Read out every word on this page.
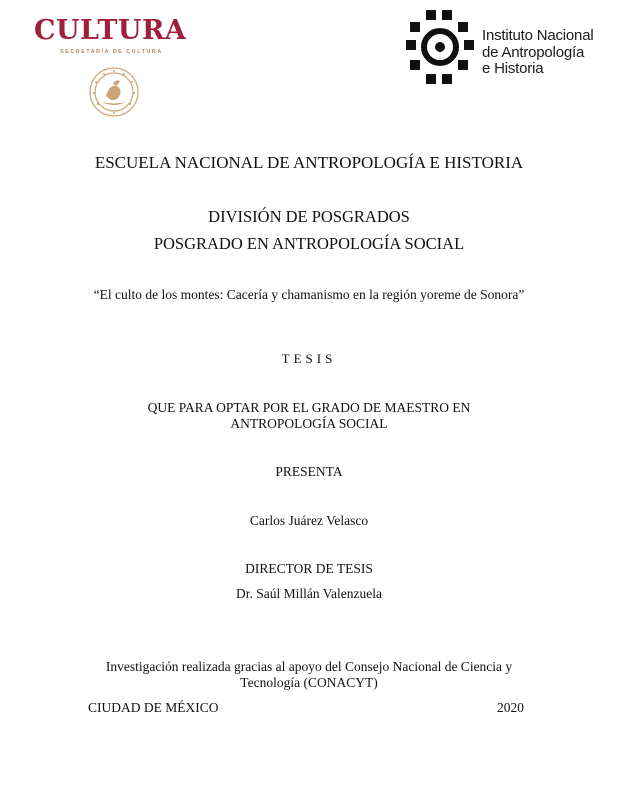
CULTURA
SECRETARÍA DE CULTURA
Instituto Nacional
de Antropología
e Historia
ESCUELA NACIONAL DE ANTROPOLOGÍA E HISTORIA
DIVISIÓN DE POSGRADOS
POSGRADO EN ANTROPOLOGÍA SOCIAL
“El culto de los montes: Cacería y chamanismo en la región yoreme de Sonora”
TESIS
QUE PARA OPTAR POR EL GRADO DE MAESTRO EN ANTROPOLOGÍA SOCIAL
PRESENTA
Carlos Juárez Velasco
DIRECTOR DE TESIS
Dr. Saúl Millán Valenzuela
Investigación realizada gracias al apoyo del Consejo Nacional de Ciencia y Tecnología (CONACYT)
CIUDAD DE MÉXICO	2020
